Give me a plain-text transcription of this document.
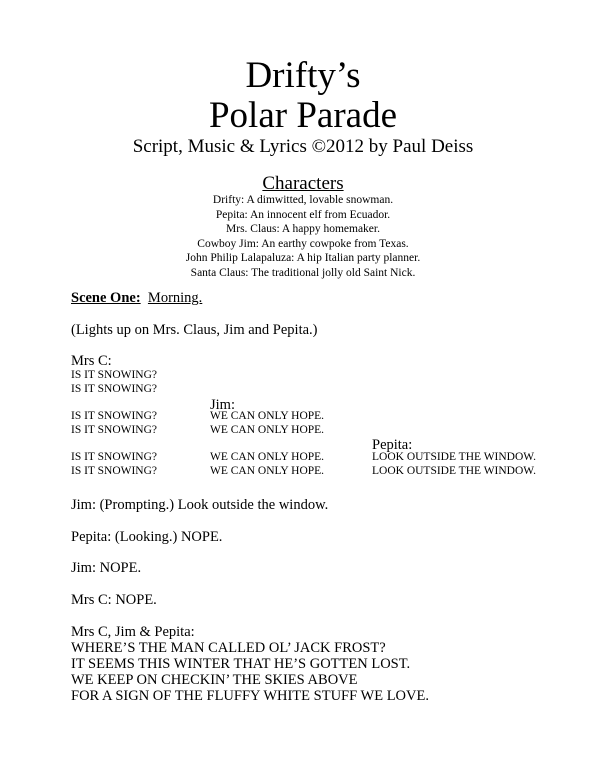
Drifty’s
Polar Parade
Script, Music & Lyrics ©2012 by Paul Deiss
Characters
Drifty: A dimwitted, lovable snowman.
Pepita: An innocent elf from Ecuador.
Mrs. Claus: A happy homemaker.
Cowboy Jim: An earthy cowpoke from Texas.
John Philip Lalapaluza: A hip Italian party planner.
Santa Claus: The traditional jolly old Saint Nick.
Scene One: Morning.
(Lights up on Mrs. Claus, Jim and Pepita.)
Mrs C:
IS IT SNOWING?
IS IT SNOWING?
Jim:
IS IT SNOWING?	WE CAN ONLY HOPE.
IS IT SNOWING?	WE CAN ONLY HOPE.
Pepita:
IS IT SNOWING?	WE CAN ONLY HOPE.	LOOK OUTSIDE THE WINDOW.
IS IT SNOWING?	WE CAN ONLY HOPE.	LOOK OUTSIDE THE WINDOW.
Jim: (Prompting.) Look outside the window.
Pepita: (Looking.) NOPE.
Jim: NOPE.
Mrs C: NOPE.
Mrs C, Jim & Pepita:
WHERE’S THE MAN CALLED OL’ JACK FROST?
IT SEEMS THIS WINTER THAT HE’S GOTTEN LOST.
WE KEEP ON CHECKIN’ THE SKIES ABOVE
FOR A SIGN OF THE FLUFFY WHITE STUFF WE LOVE.
